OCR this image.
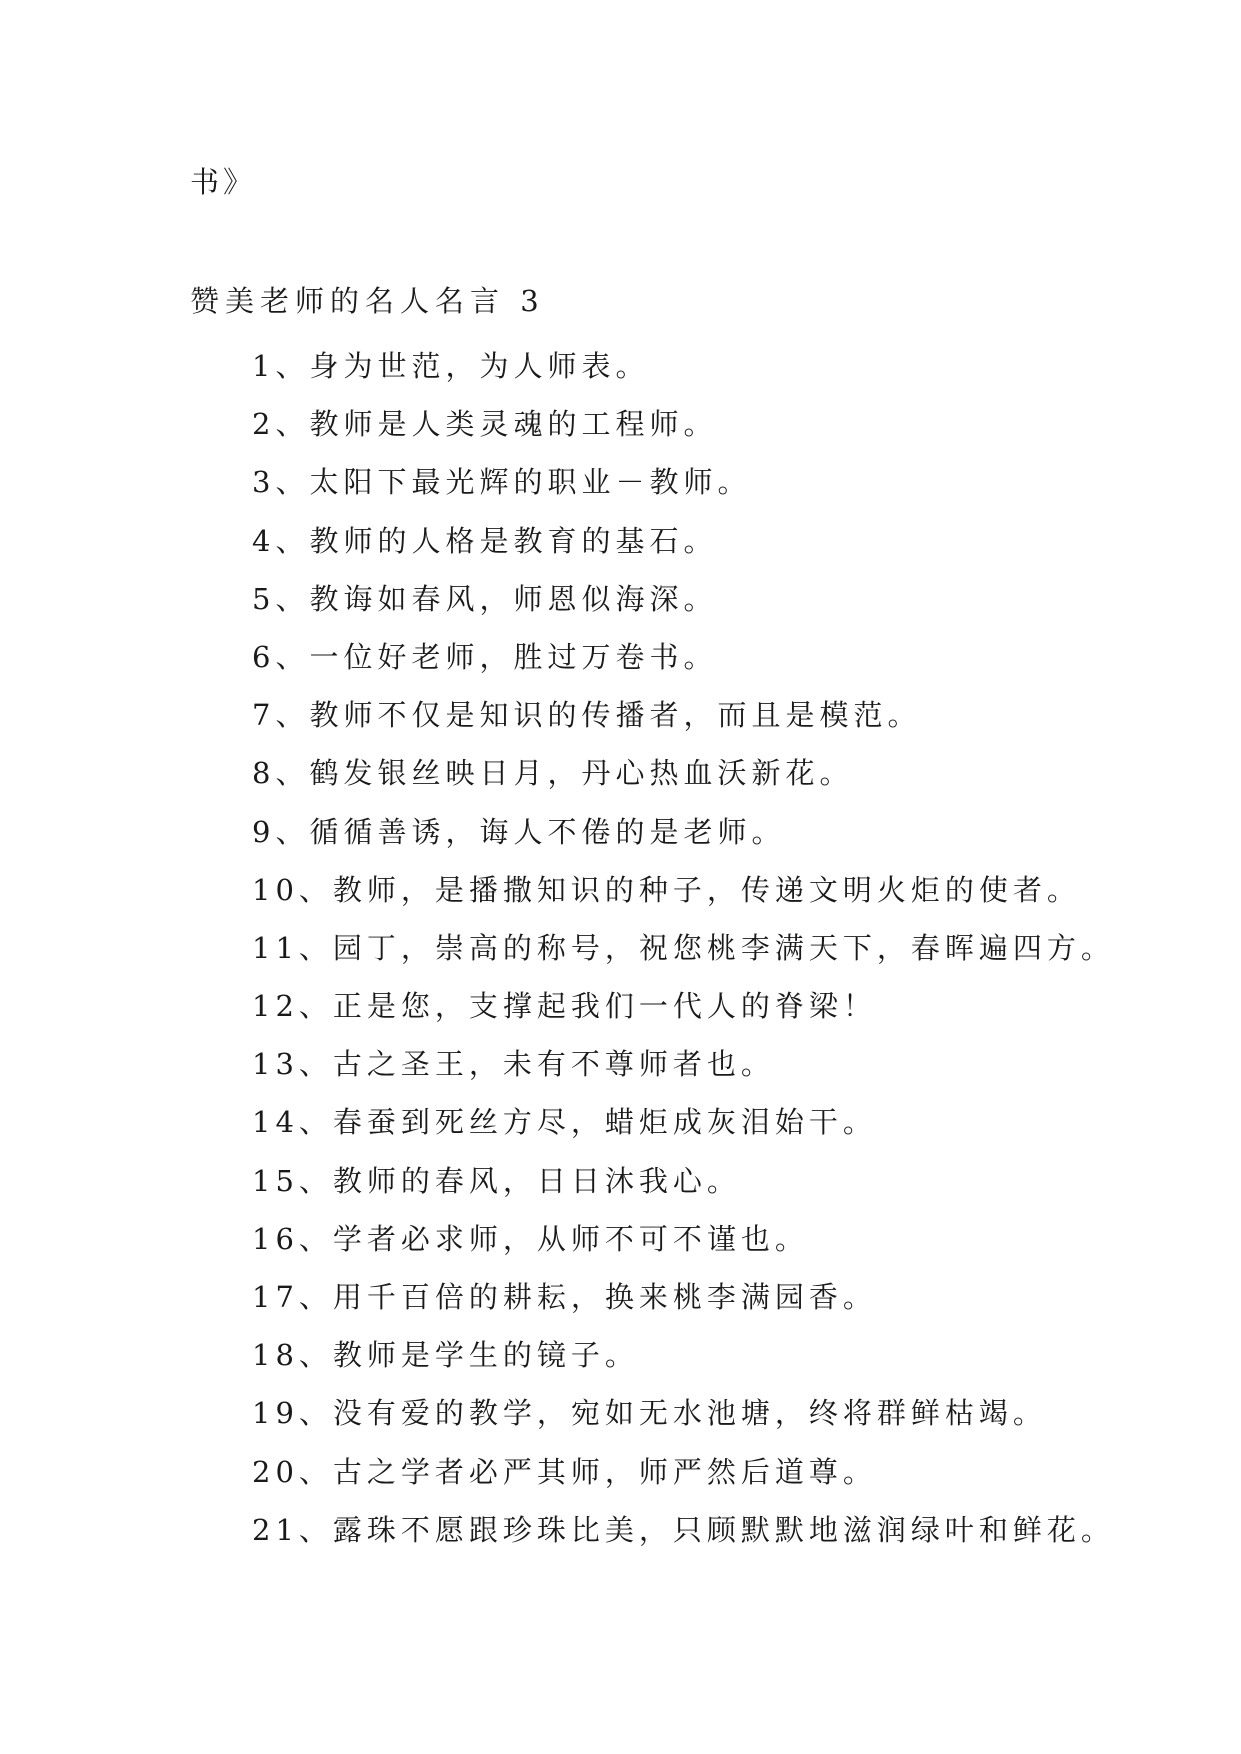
书》
赞美老师的名人名言 3
1、身为世范，为人师表。
2、教师是人类灵魂的工程师。
3、太阳下最光辉的职业－教师。
4、教师的人格是教育的基石。
5、教诲如春风，师恩似海深。
6、一位好老师，胜过万卷书。
7、教师不仅是知识的传播者，而且是模范。
8、鹤发银丝映日月，丹心热血沃新花。
9、循循善诱，诲人不倦的是老师。
10、教师，是播撒知识的种子，传递文明火炬的使者。
11、园丁，崇高的称号，祝您桃李满天下，春晖遍四方。
12、正是您，支撑起我们一代人的脊梁！
13、古之圣王，未有不尊师者也。
14、春蚕到死丝方尽，蜡炬成灰泪始干。
15、教师的春风，日日沐我心。
16、学者必求师，从师不可不谨也。
17、用千百倍的耕耘，换来桃李满园香。
18、教师是学生的镜子。
19、没有爱的教学，宛如无水池塘，终将群鲜枯竭。
20、古之学者必严其师，师严然后道尊。
21、露珠不愿跟珍珠比美，只顾默默地滋润绿叶和鲜花。
